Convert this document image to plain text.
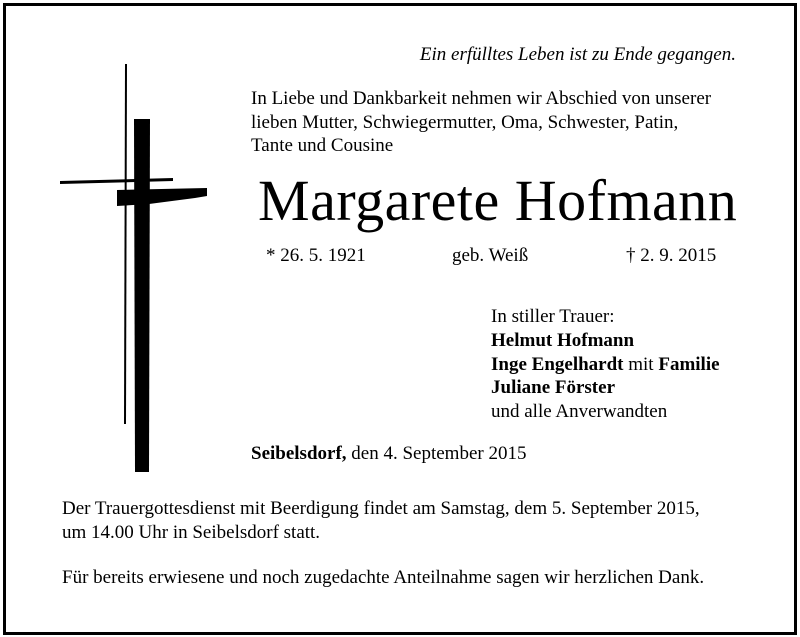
Ein erfülltes Leben ist zu Ende gegangen.
In Liebe und Dankbarkeit nehmen wir Abschied von unserer
lieben Mutter, Schwiegermutter, Oma, Schwester, Patin,
Tante und Cousine
Margarete Hofmann
* 26. 5. 1921	geb. Weiß	† 2. 9. 2015
In stiller Trauer:
Helmut Hofmann
Inge Engelhardt mit Familie
Juliane Förster
und alle Anverwandten
Seibelsdorf, den 4. September 2015
Der Trauergottesdienst mit Beerdigung findet am Samstag, dem 5. September 2015,
um 14.00 Uhr in Seibelsdorf statt.
Für bereits erwiesene und noch zugedachte Anteilnahme sagen wir herzlichen Dank.
